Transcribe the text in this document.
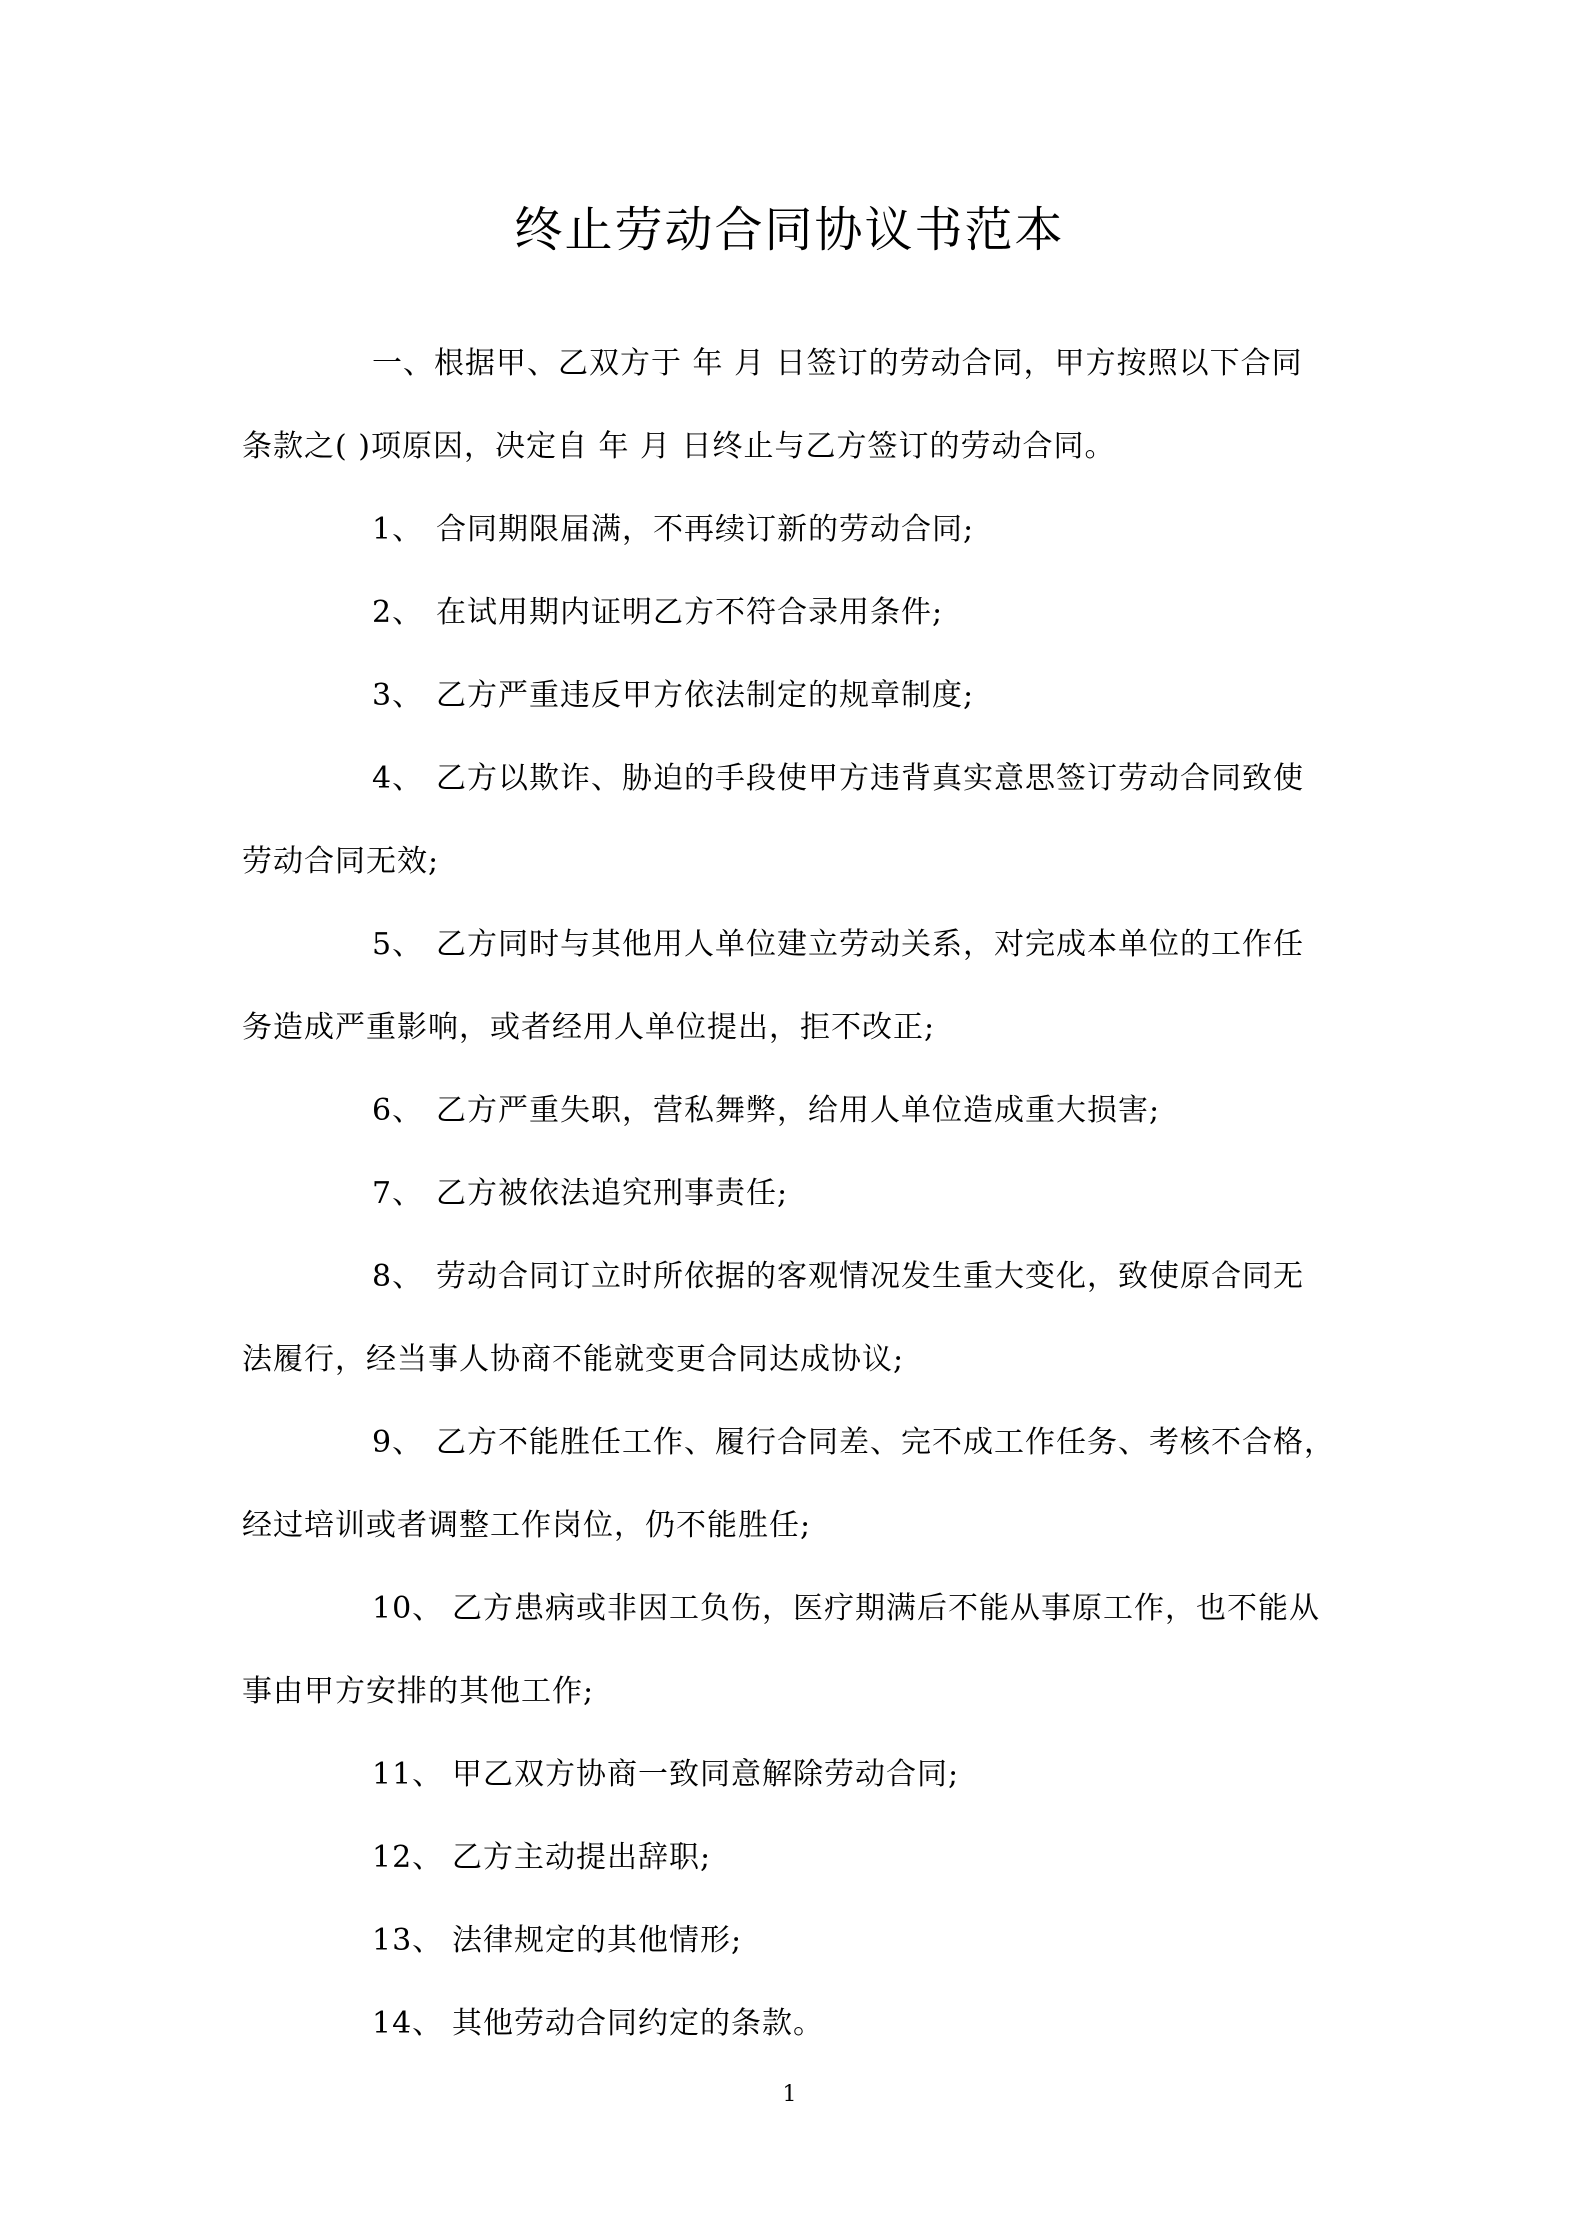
终止劳动合同协议书范本
一、根据甲、乙双方于 年 月 日签订的劳动合同，甲方按照以下合同
条款之( )项原因，决定自 年 月 日终止与乙方签订的劳动合同。
1、 合同期限届满，不再续订新的劳动合同;
2、 在试用期内证明乙方不符合录用条件;
3、 乙方严重违反甲方依法制定的规章制度;
4、 乙方以欺诈、胁迫的手段使甲方违背真实意思签订劳动合同致使
劳动合同无效;
5、 乙方同时与其他用人单位建立劳动关系，对完成本单位的工作任
务造成严重影响，或者经用人单位提出，拒不改正;
6、 乙方严重失职，营私舞弊，给用人单位造成重大损害;
7、 乙方被依法追究刑事责任;
8、 劳动合同订立时所依据的客观情况发生重大变化，致使原合同无
法履行，经当事人协商不能就变更合同达成协议;
9、 乙方不能胜任工作、履行合同差、完不成工作任务、考核不合格，
经过培训或者调整工作岗位，仍不能胜任;
10、 乙方患病或非因工负伤，医疗期满后不能从事原工作，也不能从
事由甲方安排的其他工作;
11、 甲乙双方协商一致同意解除劳动合同;
12、 乙方主动提出辞职;
13、 法律规定的其他情形;
14、 其他劳动合同约定的条款。
1
